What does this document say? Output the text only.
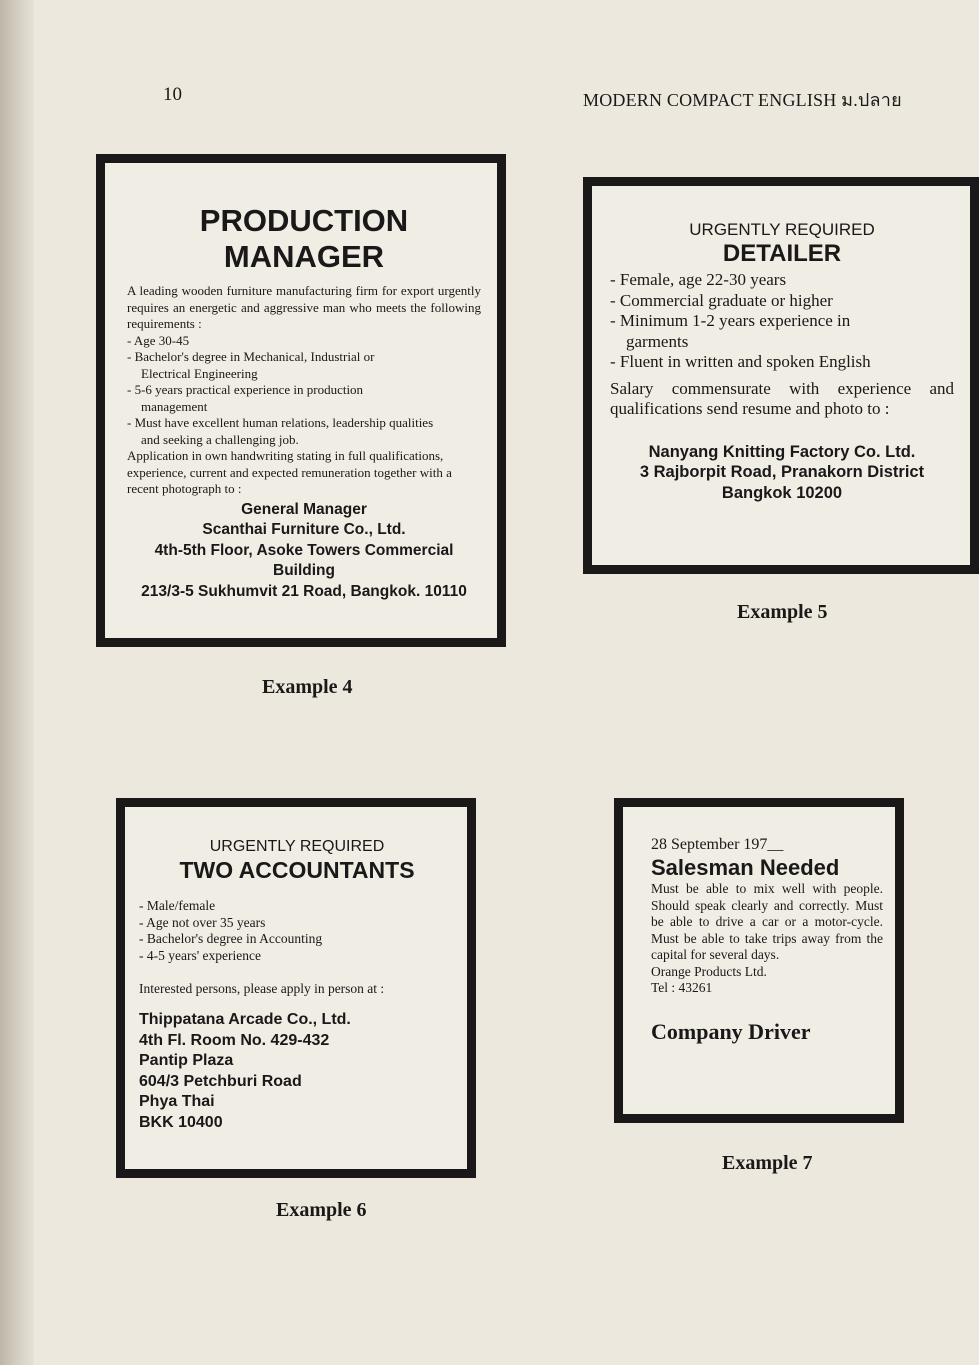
10	MODERN COMPACT ENGLISH ม.ปลาย
PRODUCTION
MANAGER
A leading wooden furniture manufacturing firm for export urgently requires an energetic and aggressive man who meets the following requirements :
- Age 30-45
- Bachelor's degree in Mechanical, Industrial or Electrical Engineering
- 5-6 years practical experience in production management
- Must have excellent human relations, leadership qualities and seeking a challenging job.
Application in own handwriting stating in full qualifications, experience, current and expected remuneration together with a recent photograph to :
General Manager
Scanthai Furniture Co., Ltd.
4th-5th Floor, Asoke Towers Commercial Building
213/3-5 Sukhumvit 21 Road, Bangkok. 10110
Example 4
URGENTLY REQUIRED
DETAILER
- Female, age 22-30 years
- Commercial graduate or higher
- Minimum 1-2 years experience in garments
- Fluent in written and spoken English
Salary commensurate with experience and qualifications send resume and photo to :
Nanyang Knitting Factory Co. Ltd.
3 Rajborpit Road, Pranakorn District
Bangkok 10200
Example 5
URGENTLY REQUIRED
TWO ACCOUNTANTS
- Male/female
- Age not over 35 years
- Bachelor's degree in Accounting
- 4-5 years' experience
Interested persons, please apply in person at :
Thippatana Arcade Co., Ltd.
4th Fl. Room No. 429-432
Pantip Plaza
604/3 Petchburi Road
Phya Thai
BKK 10400
Example 6
28 September 197__
Salesman Needed
Must be able to mix well with people. Should speak clearly and correctly. Must be able to drive a car or a motor-cycle. Must be able to take trips away from the capital for several days.
Orange Products Ltd.
Tel : 43261
Company Driver
Example 7
